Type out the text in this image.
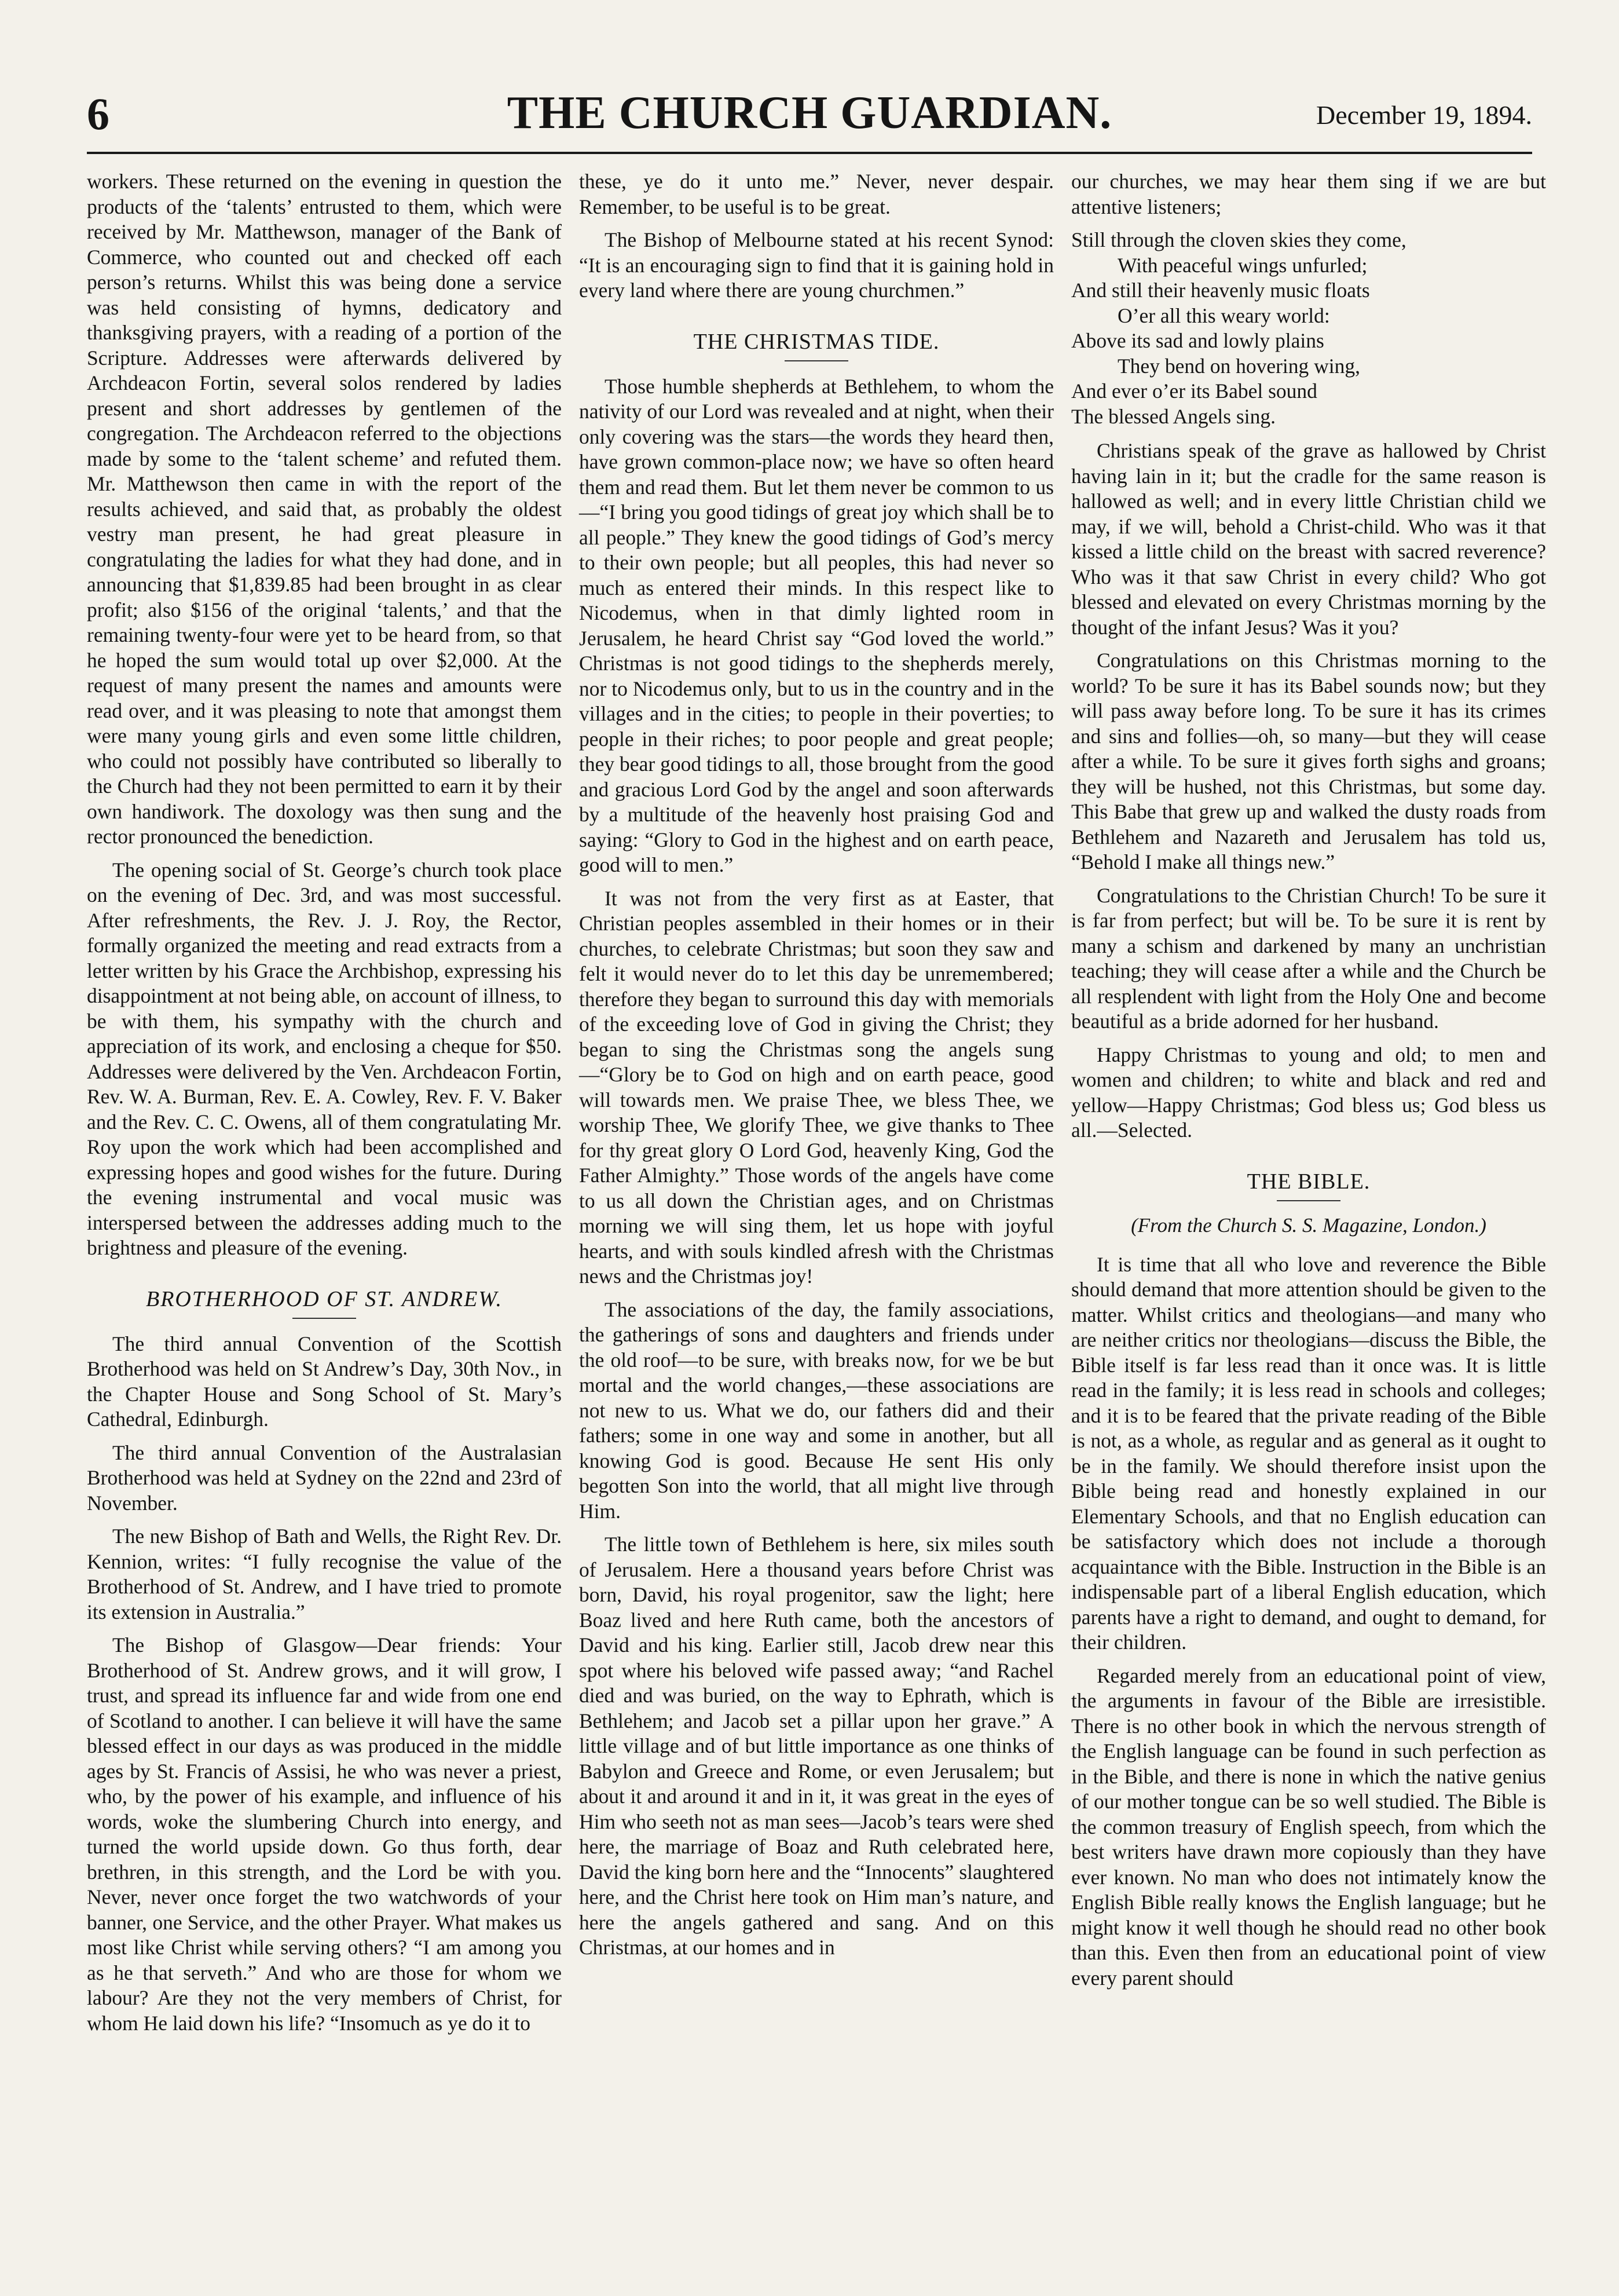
6	THE CHURCH GUARDIAN.	December 19, 1894.

workers. These returned on the evening in question the products of the ‘talents’ entrusted to them, which were received by Mr. Matthewson, manager of the Bank of Commerce, who counted out and checked off each person’s returns. Whilst this was being done a service was held consisting of hymns, dedicatory and thanksgiving prayers, with a reading of a portion of the Scripture. Addresses were afterwards delivered by Archdeacon Fortin, several solos rendered by ladies present and short addresses by gentlemen of the congregation. The Archdeacon referred to the objections made by some to the ‘talent scheme’ and refuted them. Mr. Matthewson then came in with the report of the results achieved, and said that, as probably the oldest vestry man present, he had great pleasure in congratulating the ladies for what they had done, and in announcing that $1,839.85 had been brought in as clear profit; also $156 of the original ‘talents,’ and that the remaining twenty-four were yet to be heard from, so that he hoped the sum would total up over $2,000. At the request of many present the names and amounts were read over, and it was pleasing to note that amongst them were many young girls and even some little children, who could not possibly have contributed so liberally to the Church had they not been permitted to earn it by their own handiwork. The doxology was then sung and the rector pronounced the benediction.

The opening social of St. George’s church took place on the evening of Dec. 3rd, and was most successful. After refreshments, the Rev. J. J. Roy, the Rector, formally organized the meeting and read extracts from a letter written by his Grace the Archbishop, expressing his disappointment at not being able, on account of illness, to be with them, his sympathy with the church and appreciation of its work, and enclosing a cheque for $50. Addresses were delivered by the Ven. Archdeacon Fortin, Rev. W. A. Burman, Rev. E. A. Cowley, Rev. F. V. Baker and the Rev. C. C. Owens, all of them congratulating Mr. Roy upon the work which had been accomplished and expressing hopes and good wishes for the future. During the evening instrumental and vocal music was interspersed between the addresses adding much to the brightness and pleasure of the evening.

BROTHERHOOD OF ST. ANDREW.

The third annual Convention of the Scottish Brotherhood was held on St Andrew’s Day, 30th Nov., in the Chapter House and Song School of St. Mary’s Cathedral, Edinburgh.

The third annual Convention of the Australasian Brotherhood was held at Sydney on the 22nd and 23rd of November.

The new Bishop of Bath and Wells, the Right Rev. Dr. Kennion, writes: “I fully recognise the value of the Brotherhood of St. Andrew, and I have tried to promote its extension in Australia.”

The Bishop of Glasgow—Dear friends: Your Brotherhood of St. Andrew grows, and it will grow, I trust, and spread its influence far and wide from one end of Scotland to another. I can believe it will have the same blessed effect in our days as was produced in the middle ages by St. Francis of Assisi, he who was never a priest, who, by the power of his example, and influence of his words, woke the slumbering Church into energy, and turned the world upside down. Go thus forth, dear brethren, in this strength, and the Lord be with you. Never, never once forget the two watchwords of your banner, one Service, and the other Prayer. What makes us most like Christ while serving others? “I am among you as he that serveth.” And who are those for whom we labour? Are they not the very members of Christ, for whom He laid down his life? “Insomuch as ye do it to

these, ye do it unto me.” Never, never despair. Remember, to be useful is to be great.

The Bishop of Melbourne stated at his recent Synod: “It is an encouraging sign to find that it is gaining hold in every land where there are young churchmen.”

THE CHRISTMAS TIDE.

Those humble shepherds at Bethlehem, to whom the nativity of our Lord was revealed and at night, when their only covering was the stars—the words they heard then, have grown common-place now; we have so often heard them and read them. But let them never be common to us—“I bring you good tidings of great joy which shall be to all people.” They knew the good tidings of God’s mercy to their own people; but all peoples, this had never so much as entered their minds. In this respect like to Nicodemus, when in that dimly lighted room in Jerusalem, he heard Christ say “God loved the world.” Christmas is not good tidings to the shepherds merely, nor to Nicodemus only, but to us in the country and in the villages and in the cities; to people in their poverties; to people in their riches; to poor people and great people; they bear good tidings to all, those brought from the good and gracious Lord God by the angel and soon afterwards by a multitude of the heavenly host praising God and saying: “Glory to God in the highest and on earth peace, good will to men.”

It was not from the very first as at Easter, that Christian peoples assembled in their homes or in their churches, to celebrate Christmas; but soon they saw and felt it would never do to let this day be unremembered; therefore they began to surround this day with memorials of the exceeding love of God in giving the Christ; they began to sing the Christmas song the angels sung—“Glory be to God on high and on earth peace, good will towards men. We praise Thee, we bless Thee, we worship Thee, We glorify Thee, we give thanks to Thee for thy great glory O Lord God, heavenly King, God the Father Almighty.” Those words of the angels have come to us all down the Christian ages, and on Christmas morning we will sing them, let us hope with joyful hearts, and with souls kindled afresh with the Christmas news and the Christmas joy!

The associations of the day, the family associations, the gatherings of sons and daughters and friends under the old roof—to be sure, with breaks now, for we be but mortal and the world changes,—these associations are not new to us. What we do, our fathers did and their fathers; some in one way and some in another, but all knowing God is good. Because He sent His only begotten Son into the world, that all might live through Him.

The little town of Bethlehem is here, six miles south of Jerusalem. Here a thousand years before Christ was born, David, his royal progenitor, saw the light; here Boaz lived and here Ruth came, both the ancestors of David and his king. Earlier still, Jacob drew near this spot where his beloved wife passed away; “and Rachel died and was buried, on the way to Ephrath, which is Bethlehem; and Jacob set a pillar upon her grave.” A little village and of but little importance as one thinks of Babylon and Greece and Rome, or even Jerusalem; but about it and around it and in it, it was great in the eyes of Him who seeth not as man sees—Jacob’s tears were shed here, the marriage of Boaz and Ruth celebrated here, David the king born here and the “Innocents” slaughtered here, and the Christ here took on Him man’s nature, and here the angels gathered and sang. And on this Christmas, at our homes and in

our churches, we may hear them sing if we are but attentive listeners;

Still through the cloven skies they come,
With peaceful wings unfurled;
And still their heavenly music floats
O’er all this weary world:
Above its sad and lowly plains
They bend on hovering wing,
And ever o’er its Babel sound
The blessed Angels sing.

Christians speak of the grave as hallowed by Christ having lain in it; but the cradle for the same reason is hallowed as well; and in every little Christian child we may, if we will, behold a Christ-child. Who was it that kissed a little child on the breast with sacred reverence? Who was it that saw Christ in every child? Who got blessed and elevated on every Christmas morning by the thought of the infant Jesus? Was it you?

Congratulations on this Christmas morning to the world? To be sure it has its Babel sounds now; but they will pass away before long. To be sure it has its crimes and sins and follies—oh, so many—but they will cease after a while. To be sure it gives forth sighs and groans; they will be hushed, not this Christmas, but some day. This Babe that grew up and walked the dusty roads from Bethlehem and Nazareth and Jerusalem has told us, “Behold I make all things new.”

Congratulations to the Christian Church! To be sure it is far from perfect; but will be. To be sure it is rent by many a schism and darkened by many an unchristian teaching; they will cease after a while and the Church be all resplendent with light from the Holy One and become beautiful as a bride adorned for her husband.

Happy Christmas to young and old; to men and women and children; to white and black and red and yellow—Happy Christmas; God bless us; God bless us all.—Selected.

THE BIBLE.
(From the Church S. S. Magazine, London.)

It is time that all who love and reverence the Bible should demand that more attention should be given to the matter. Whilst critics and theologians—and many who are neither critics nor theologians—discuss the Bible, the Bible itself is far less read than it once was. It is little read in the family; it is less read in schools and colleges; and it is to be feared that the private reading of the Bible is not, as a whole, as regular and as general as it ought to be in the family. We should therefore insist upon the Bible being read and honestly explained in our Elementary Schools, and that no English education can be satisfactory which does not include a thorough acquaintance with the Bible. Instruction in the Bible is an indispensable part of a liberal English education, which parents have a right to demand, and ought to demand, for their children.

Regarded merely from an educational point of view, the arguments in favour of the Bible are irresistible. There is no other book in which the nervous strength of the English language can be found in such perfection as in the Bible, and there is none in which the native genius of our mother tongue can be so well studied. The Bible is the common treasury of English speech, from which the best writers have drawn more copiously than they have ever known. No man who does not intimately know the English Bible really knows the English language; but he might know it well though he should read no other book than this. Even then from an educational point of view every parent should
